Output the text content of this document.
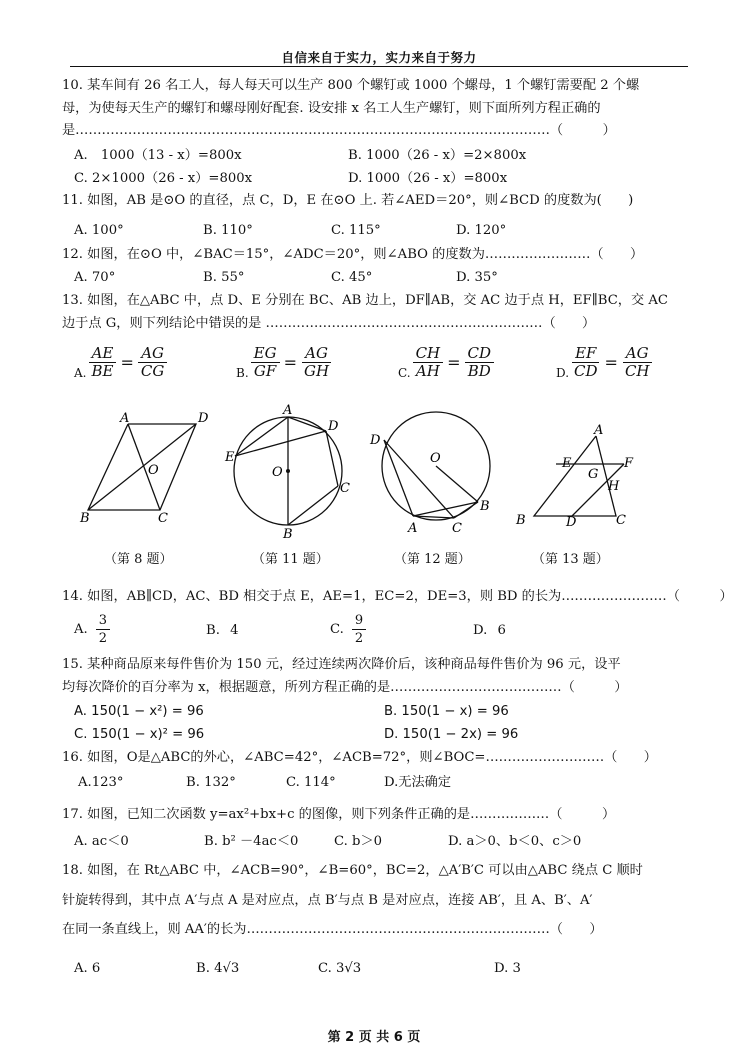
自信来自于实力，实力来自于努力
10. 某车间有 26 名工人，每人每天可以生产 800 个螺钉或 1000 个螺母，1 个螺钉需要配 2 个螺
母，为使每天生产的螺钉和螺母刚好配套. 设安排 x 名工人生产螺钉，则下面所列方程正确的
是………………………………………………………………………………………………（　　　）
A.　1000（13 - x）=800x	B. 1000（26 - x）=2×800x
C. 2×1000（26 - x）=800x	D. 1000（26 - x）=800x
11. 如图，AB 是⊙O 的直径，点 C，D，E 在⊙O 上. 若∠AED＝20°，则∠BCD 的度数为(　　)
A. 100°	B. 110°	C. 115°	D. 120°
12. 如图，在⊙O 中，∠BAC＝15°，∠ADC＝20°，则∠ABO 的度数为……………………（　　）
A. 70°	B. 55°	C. 45°	D. 35°
13. 如图，在△ABC 中，点 D、E 分别在 BC、AB 边上，DF∥AB，交 AC 边于点 H，EF∥BC，交 AC
边于点 G，则下列结论中错误的是 ………………………………………………………（　　）
A. $\frac{AE}{BE} = \frac{AG}{CG}$	B. $\frac{EG}{GF} = \frac{AG}{GH}$	C. $\frac{CH}{AH} = \frac{CD}{BD}$	D. $\frac{EF}{CD} = \frac{AG}{CH}$
A	D
O
B	C
A
D
E
O
C
B
O
D
B
A	C
A
E
G
F
H
B	D	C
（第 8 题）	（第 11 题）	（第 12 题）	（第 13 题）
14. 如图，AB∥CD，AC、BD 相交于点 E，AE=1，EC=2，DE=3，则 BD 的长为……………………（　　　）
A. $\frac{3}{2}$	B. 4	C. $\frac{9}{2}$	D. 6
15. 某种商品原来每件售价为 150 元，经过连续两次降价后，该种商品每件售价为 96 元，设平
均每次降价的百分率为 x，根据题意，所列方程正确的是…………………………………（　　　）
A. 150(1 − x²) = 96	B. 150(1 − x) = 96
C. 150(1 − x)² = 96	D. 150(1 − 2x) = 96
16. 如图，O是△ABC的外心，∠ABC=42°，∠ACB=72°，则∠BOC=………………………（　　）
A.123°	B. 132°	C. 114°	D.无法确定
17. 如图，已知二次函数 y=ax²+bx+c 的图像，则下列条件正确的是………………（　　　）
A. ac＜0	B. b² －4ac＜0	C. b＞0	D. a＞0、b＜0、c＞0
18. 如图，在 Rt△ABC 中，∠ACB=90°，∠B=60°，BC=2，△A′B′C 可以由△ABC 绕点 C 顺时
针旋转得到，其中点 A′与点 A 是对应点，点 B′与点 B 是对应点，连接 AB′，且 A、B′、A′
在同一条直线上，则 AA′的长为……………………………………………………………（　　）
A. 6	B. 4√3	C. 3√3	D. 3
第 2 页 共 6 页
